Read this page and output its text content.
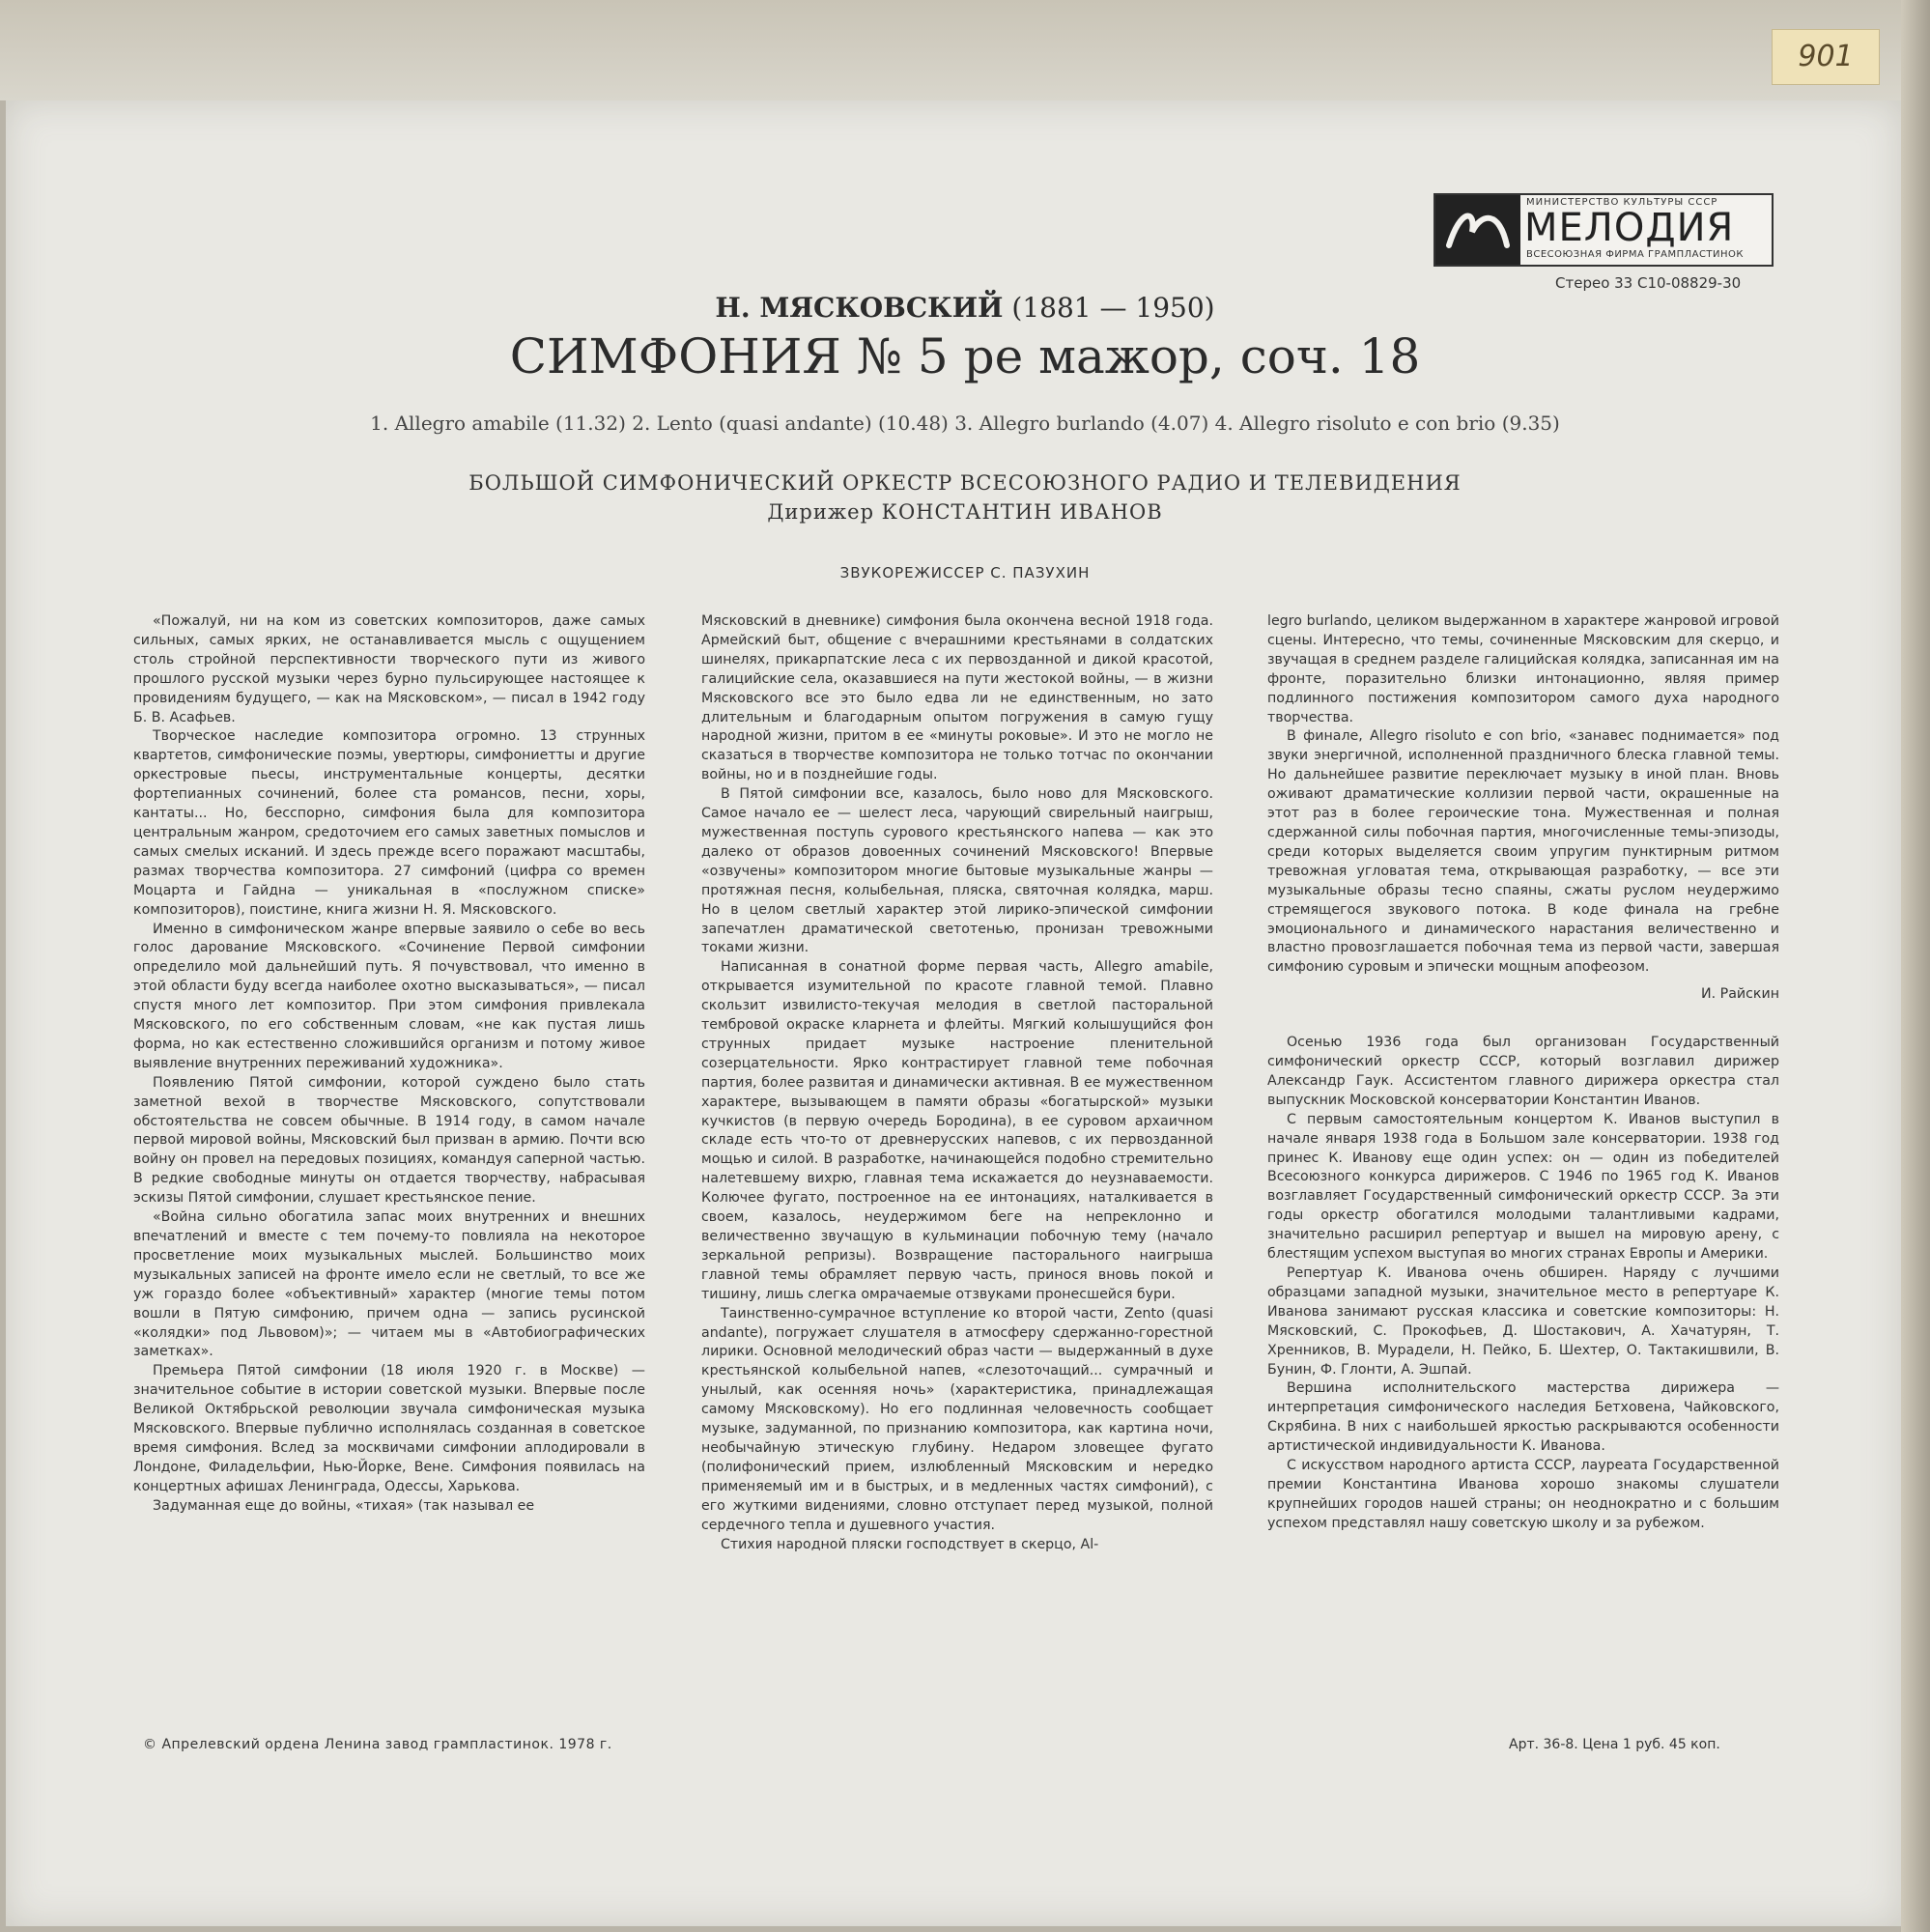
901
МИНИСТЕРСТВО КУЛЬТУРЫ СССР
МЕЛОДИЯ
ВСЕСОЮЗНАЯ ФИРМА ГРАМПЛАСТИНОК
Стерео 33 С10-08829-30
Н. МЯСКОВСКИЙ (1881 — 1950)
СИМФОНИЯ № 5 ре мажор, соч. 18
1. Allegro amabile (11.32) 2. Lento (quasi andante) (10.48) 3. Allegro burlando (4.07) 4. Allegro risoluto e con brio (9.35)
БОЛЬШОЙ СИМФОНИЧЕСКИЙ ОРКЕСТР ВСЕСОЮЗНОГО РАДИО И ТЕЛЕВИДЕНИЯ
Дирижер КОНСТАНТИН ИВАНОВ
ЗВУКОРЕЖИССЕР С. ПАЗУХИН

«Пожалуй, ни на ком из советских композиторов, даже самых сильных, самых ярких, не останавливается мысль с ощущением столь стройной перспективности творческого пути из живого прошлого русской музыки через бурно пульсирующее настоящее к провидениям будущего, — как на Мясковском», — писал в 1942 году Б. В. Асафьев.

Творческое наследие композитора огромно. 13 струнных квартетов, симфонические поэмы, увертюры, симфониетты и другие оркестровые пьесы, инструментальные концерты, десятки фортепианных сочинений, более ста романсов, песни, хоры, кантаты... Но, бесспорно, симфония была для композитора центральным жанром, средоточием его самых заветных помыслов и самых смелых исканий. И здесь прежде всего поражают масштабы, размах творчества композитора. 27 симфоний (цифра со времен Моцарта и Гайдна — уникальная в «послужном списке» композиторов), поистине, книга жизни Н. Я. Мясковского.

Именно в симфоническом жанре впервые заявило о себе во весь голос дарование Мясковского. «Сочинение Первой симфонии определило мой дальнейший путь. Я почувствовал, что именно в этой области буду всегда наиболее охотно высказываться», — писал спустя много лет композитор. При этом симфония привлекала Мясковского, по его собственным словам, «не как пустая лишь форма, но как естественно сложившийся организм и потому живое выявление внутренних переживаний художника».

Появлению Пятой симфонии, которой суждено было стать заметной вехой в творчестве Мясковского, сопутствовали обстоятельства не совсем обычные. В 1914 году, в самом начале первой мировой войны, Мясковский был призван в армию. Почти всю войну он провел на передовых позициях, командуя саперной частью. В редкие свободные минуты он отдается творчеству, набрасывая эскизы Пятой симфонии, слушает крестьянское пение.

«Война сильно обогатила запас моих внутренних и внешних впечатлений и вместе с тем почему-то повлияла на некоторое просветление моих музыкальных мыслей. Большинство моих музыкальных записей на фронте имело если не светлый, то все же уж гораздо более «объективный» характер (многие темы потом вошли в Пятую симфонию, причем одна — запись русинской «колядки» под Львовом)»; — читаем мы в «Автобиографических заметках».

Премьера Пятой симфонии (18 июля 1920 г. в Москве) — значительное событие в истории советской музыки. Впервые после Великой Октябрьской революции звучала симфоническая музыка Мясковского. Впервые публично исполнялась созданная в советское время симфония. Вслед за москвичами симфонии аплодировали в Лондоне, Филадельфии, Нью-Йорке, Вене. Симфония появилась на концертных афишах Ленинграда, Одессы, Харькова.

Задуманная еще до войны, «тихая» (так называл ее

Мясковский в дневнике) симфония была окончена весной 1918 года. Армейский быт, общение с вчерашними крестьянами в солдатских шинелях, прикарпатские леса с их первозданной и дикой красотой, галицийские села, оказавшиеся на пути жестокой войны, — в жизни Мясковского все это было едва ли не единственным, но зато длительным и благодарным опытом погружения в самую гущу народной жизни, притом в ее «минуты роковые». И это не могло не сказаться в творчестве композитора не только тотчас по окончании войны, но и в позднейшие годы.

В Пятой симфонии все, казалось, было ново для Мясковского. Самое начало ее — шелест леса, чарующий свирельный наигрыш, мужественная поступь сурового крестьянского напева — как это далеко от образов довоенных сочинений Мясковского! Впервые «озвучены» композитором многие бытовые музыкальные жанры — протяжная песня, колыбельная, пляска, святочная колядка, марш. Но в целом светлый характер этой лирико-эпической симфонии запечатлен драматической светотенью, пронизан тревожными токами жизни.

Написанная в сонатной форме первая часть, Allegro amabile, открывается изумительной по красоте главной темой. Плавно скользит извилисто-текучая мелодия в светлой пасторальной тембровой окраске кларнета и флейты. Мягкий колышущийся фон струнных придает музыке настроение пленительной созерцательности. Ярко контрастирует главной теме побочная партия, более развитая и динамически активная. В ее мужественном характере, вызывающем в памяти образы «богатырской» музыки кучкистов (в первую очередь Бородина), в ее суровом архаичном складе есть что-то от древнерусских напевов, с их первозданной мощью и силой. В разработке, начинающейся подобно стремительно налетевшему вихрю, главная тема искажается до неузнаваемости. Колючее фугато, построенное на ее интонациях, наталкивается в своем, казалось, неудержимом беге на непреклонно и величественно звучащую в кульминации побочную тему (начало зеркальной репризы). Возвращение пасторального наигрыша главной темы обрамляет первую часть, принося вновь покой и тишину, лишь слегка омрачаемые отзвуками пронесшейся бури.

Таинственно-сумрачное вступление ко второй части, Zento (quasi andante), погружает слушателя в атмосферу сдержанно-горестной лирики. Основной мелодический образ части — выдержанный в духе крестьянской колыбельной напев, «слезоточащий... сумрачный и унылый, как осенняя ночь» (характеристика, принадлежащая самому Мясковскому). Но его подлинная человечность сообщает музыке, задуманной, по признанию композитора, как картина ночи, необычайную этическую глубину. Недаром зловещее фугато (полифонический прием, излюбленный Мясковским и нередко применяемый им и в быстрых, и в медленных частях симфоний), с его жуткими видениями, словно отступает перед музыкой, полной сердечного тепла и душевного участия.

Стихия народной пляски господствует в скерцо, Al-

legro burlando, целиком выдержанном в характере жанровой игровой сцены. Интересно, что темы, сочиненные Мясковским для скерцо, и звучащая в среднем разделе галицийская колядка, записанная им на фронте, поразительно близки интонационно, являя пример подлинного постижения композитором самого духа народного творчества.

В финале, Allegro risoluto e con brio, «занавес поднимается» под звуки энергичной, исполненной праздничного блеска главной темы. Но дальнейшее развитие переключает музыку в иной план. Вновь оживают драматические коллизии первой части, окрашенные на этот раз в более героические тона. Мужественная и полная сдержанной силы побочная партия, многочисленные темы-эпизоды, среди которых выделяется своим упругим пунктирным ритмом тревожная угловатая тема, открывающая разработку, — все эти музыкальные образы тесно спаяны, сжаты руслом неудержимо стремящегося звукового потока. В коде финала на гребне эмоционального и динамического нарастания величественно и властно провозглашается побочная тема из первой части, завершая симфонию суровым и эпически мощным апофеозом.

И. Райскин

Осенью 1936 года был организован Государственный симфонический оркестр СССР, который возглавил дирижер Александр Гаук. Ассистентом главного дирижера оркестра стал выпускник Московской консерватории Константин Иванов.

С первым самостоятельным концертом К. Иванов выступил в начале января 1938 года в Большом зале консерватории. 1938 год принес К. Иванову еще один успех: он — один из победителей Всесоюзного конкурса дирижеров. С 1946 по 1965 год К. Иванов возглавляет Государственный симфонический оркестр СССР. За эти годы оркестр обогатился молодыми талантливыми кадрами, значительно расширил репертуар и вышел на мировую арену, с блестящим успехом выступая во многих странах Европы и Америки.

Репертуар К. Иванова очень обширен. Наряду с лучшими образцами западной музыки, значительное место в репертуаре К. Иванова занимают русская классика и советские композиторы: Н. Мясковский, С. Прокофьев, Д. Шостакович, А. Хачатурян, Т. Хренников, В. Мурадели, Н. Пейко, Б. Шехтер, О. Тактакишвили, В. Бунин, Ф. Глонти, А. Эшпай.

Вершина исполнительского мастерства дирижера — интерпретация симфонического наследия Бетховена, Чайковского, Скрябина. В них с наибольшей яркостью раскрываются особенности артистической индивидуальности К. Иванова.

С искусством народного артиста СССР, лауреата Государственной премии Константина Иванова хорошо знакомы слушатели крупнейших городов нашей страны; он неоднократно и с большим успехом представлял нашу советскую школу и за рубежом.

© Апрелевский ордена Ленина завод грампластинок. 1978 г.	Арт. 36-8. Цена 1 руб. 45 коп.
